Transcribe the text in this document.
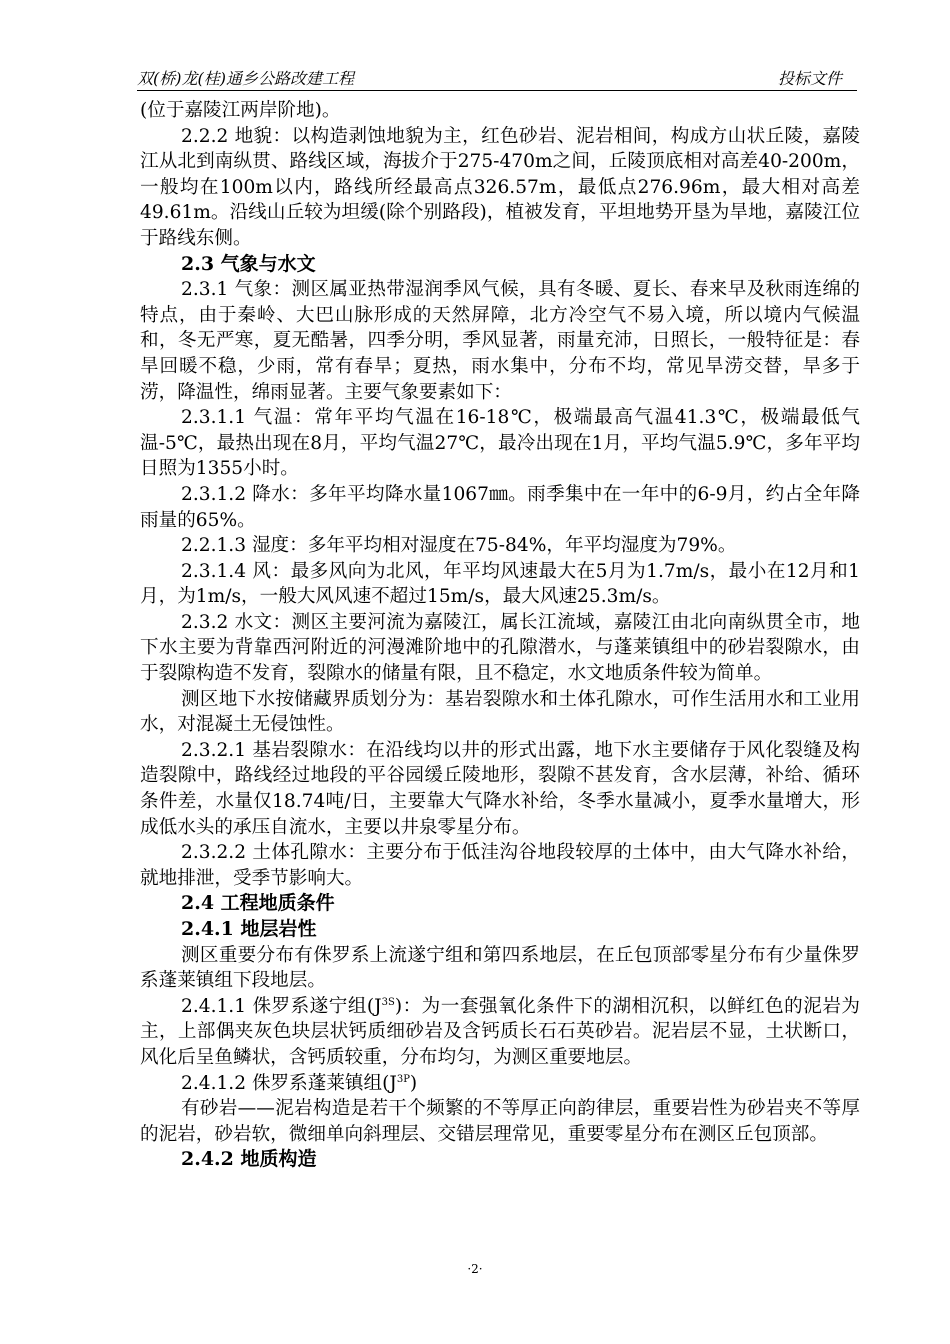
双(桥)龙(桂)通乡公路改建工程	投标文件

(位于嘉陵江两岸阶地)。

2.2.2 地貌：以构造剥蚀地貌为主，红色砂岩、泥岩相间，构成方山状丘陵，嘉陵江从北到南纵贯、路线区域，海拔介于275-470m之间，丘陵顶底相对高差40-200m，一般均在100m以内，路线所经最高点326.57m，最低点276.96m，最大相对高差49.61m。沿线山丘较为坦缓(除个别路段)，植被发育，平坦地势开垦为旱地，嘉陵江位于路线东侧。

2.3 气象与水文

2.3.1 气象：测区属亚热带湿润季风气候，具有冬暖、夏长、春来早及秋雨连绵的特点，由于秦岭、大巴山脉形成的天然屏障，北方冷空气不易入境，所以境内气候温和，冬无严寒，夏无酷暑，四季分明，季风显著，雨量充沛，日照长，一般特征是：春旱回暖不稳，少雨，常有春旱；夏热，雨水集中，分布不均，常见旱涝交替，旱多于涝，降温性，绵雨显著。主要气象要素如下：

2.3.1.1 气温：常年平均气温在16-18℃，极端最高气温41.3℃，极端最低气温-5℃，最热出现在8月，平均气温27℃，最冷出现在1月，平均气温5.9℃，多年平均日照为1355小时。

2.3.1.2 降水：多年平均降水量1067㎜。雨季集中在一年中的6-9月，约占全年降雨量的65%。

2.2.1.3 湿度：多年平均相对湿度在75-84%，年平均湿度为79%。

2.3.1.4 风：最多风向为北风，年平均风速最大在5月为1.7m/s，最小在12月和1月，为1m/s，一般大风风速不超过15m/s，最大风速25.3m/s。

2.3.2 水文：测区主要河流为嘉陵江，属长江流域，嘉陵江由北向南纵贯全市，地下水主要为背靠西河附近的河漫滩阶地中的孔隙潜水，与蓬莱镇组中的砂岩裂隙水，由于裂隙构造不发育，裂隙水的储量有限，且不稳定，水文地质条件较为简单。

测区地下水按储藏界质划分为：基岩裂隙水和土体孔隙水，可作生活用水和工业用水，对混凝土无侵蚀性。

2.3.2.1 基岩裂隙水：在沿线均以井的形式出露，地下水主要储存于风化裂缝及构造裂隙中，路线经过地段的平谷园缓丘陵地形，裂隙不甚发育，含水层薄，补给、循环条件差，水量仅18.74吨/日，主要靠大气降水补给，冬季水量减小，夏季水量增大，形成低水头的承压自流水，主要以井泉零星分布。

2.3.2.2 土体孔隙水：主要分布于低洼沟谷地段较厚的土体中，由大气降水补给，就地排泄，受季节影响大。

2.4 工程地质条件

2.4.1 地层岩性

测区重要分布有侏罗系上流遂宁组和第四系地层，在丘包顶部零星分布有少量侏罗系蓬莱镇组下段地层。

2.4.1.1 侏罗系遂宁组$(J^{3S})$：为一套强氧化条件下的湖相沉积，以鲜红色的泥岩为主，上部偶夹灰色块层状钙质细砂岩及含钙质长石石英砂岩。泥岩层不显，土状断口，风化后呈鱼鳞状，含钙质较重，分布均匀，为测区重要地层。

2.4.1.2 侏罗系蓬莱镇组$(J^{3P})$

有砂岩——泥岩构造是若干个频繁的不等厚正向韵律层，重要岩性为砂岩夹不等厚的泥岩，砂岩软，微细单向斜理层、交错层理常见，重要零星分布在测区丘包顶部。

2.4.2 地质构造

·2·
